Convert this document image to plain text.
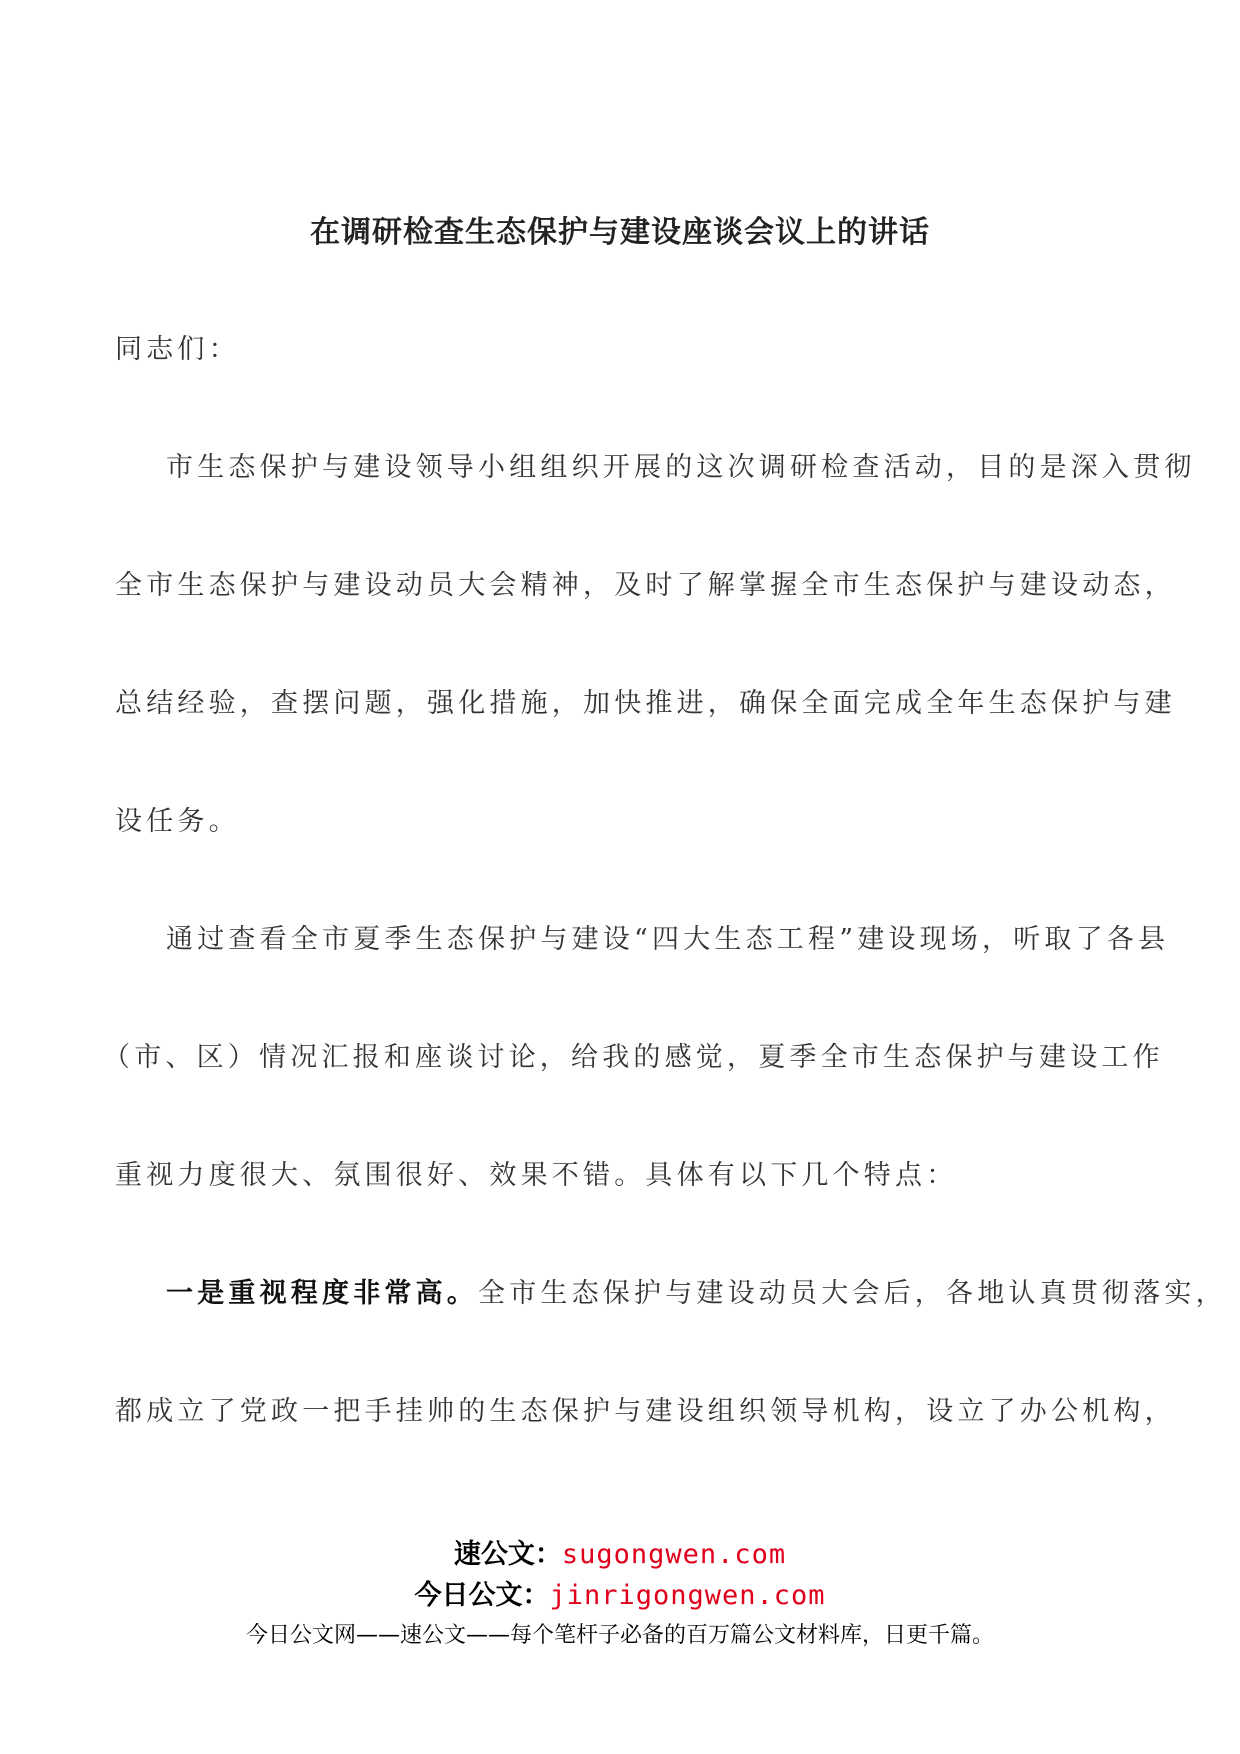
在调研检查生态保护与建设座谈会议上的讲话
同志们：
市生态保护与建设领导小组组织开展的这次调研检查活动，目的是深入贯彻
全市生态保护与建设动员大会精神，及时了解掌握全市生态保护与建设动态，
总结经验，查摆问题，强化措施，加快推进，确保全面完成全年生态保护与建
设任务。
通过查看全市夏季生态保护与建设“四大生态工程”建设现场，听取了各县
（市、区）情况汇报和座谈讨论，给我的感觉，夏季全市生态保护与建设工作
重视力度很大、氛围很好、效果不错。具体有以下几个特点：
一是重视程度非常高。全市生态保护与建设动员大会后，各地认真贯彻落实，
都成立了党政一把手挂帅的生态保护与建设组织领导机构，设立了办公机构，
速公文：sugongwen.com
今日公文：jinrigongwen.com
今日公文网——速公文——每个笔杆子必备的百万篇公文材料库，日更千篇。
